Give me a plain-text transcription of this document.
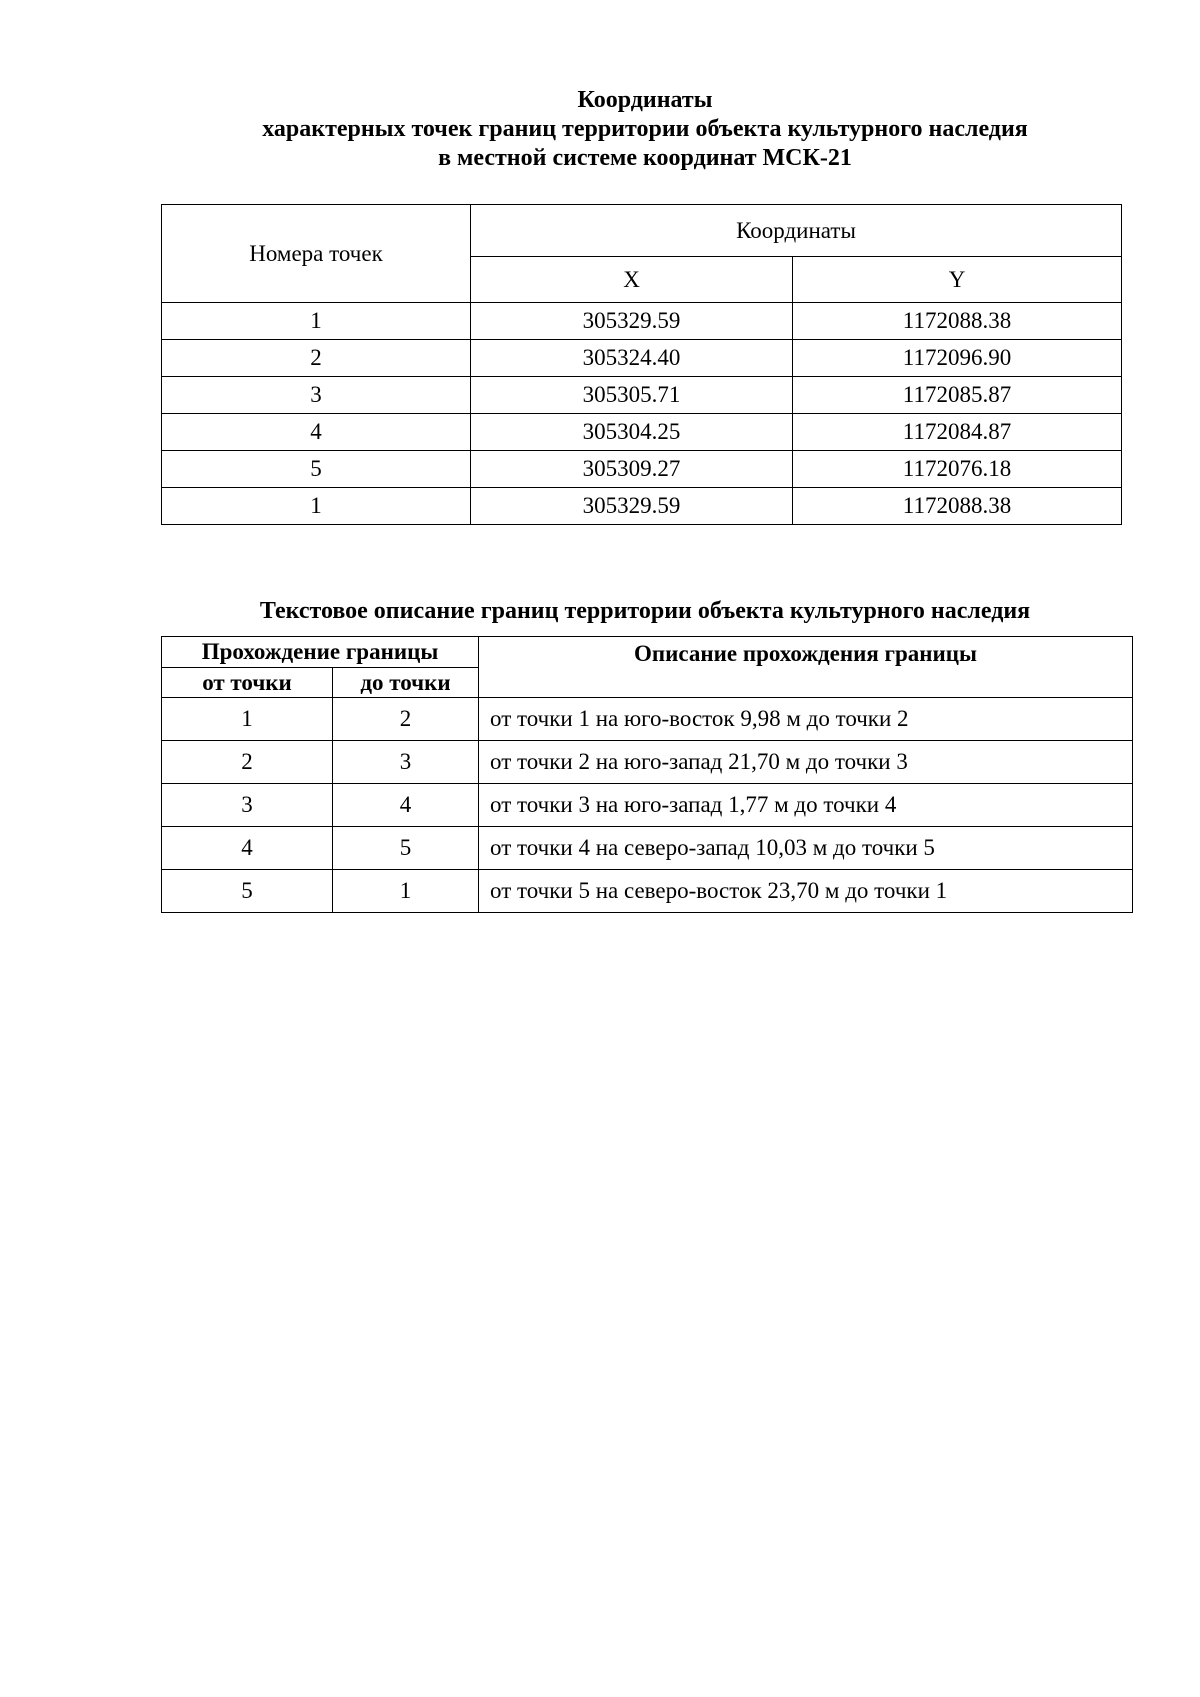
Координаты
характерных точек границ территории объекта культурного наследия
в местной системе координат МСК-21
Номера точек	Координаты	
	X	Y
1	305329.59	1172088.38
2	305324.40	1172096.90
3	305305.71	1172085.87
4	305304.25	1172084.87
5	305309.27	1172076.18
1	305329.59	1172088.38
Текстовое описание границ территории объекта культурного наследия
Прохождение границы		Описание прохождения границы
от точки	до точки	
1	2	от точки 1 на юго-восток 9,98 м до точки 2
2	3	от точки 2 на юго-запад 21,70 м до точки 3
3	4	от точки 3 на юго-запад 1,77 м до точки 4
4	5	от точки 4 на северо-запад 10,03 м до точки 5
5	1	от точки 5 на северо-восток 23,70 м до точки 1
